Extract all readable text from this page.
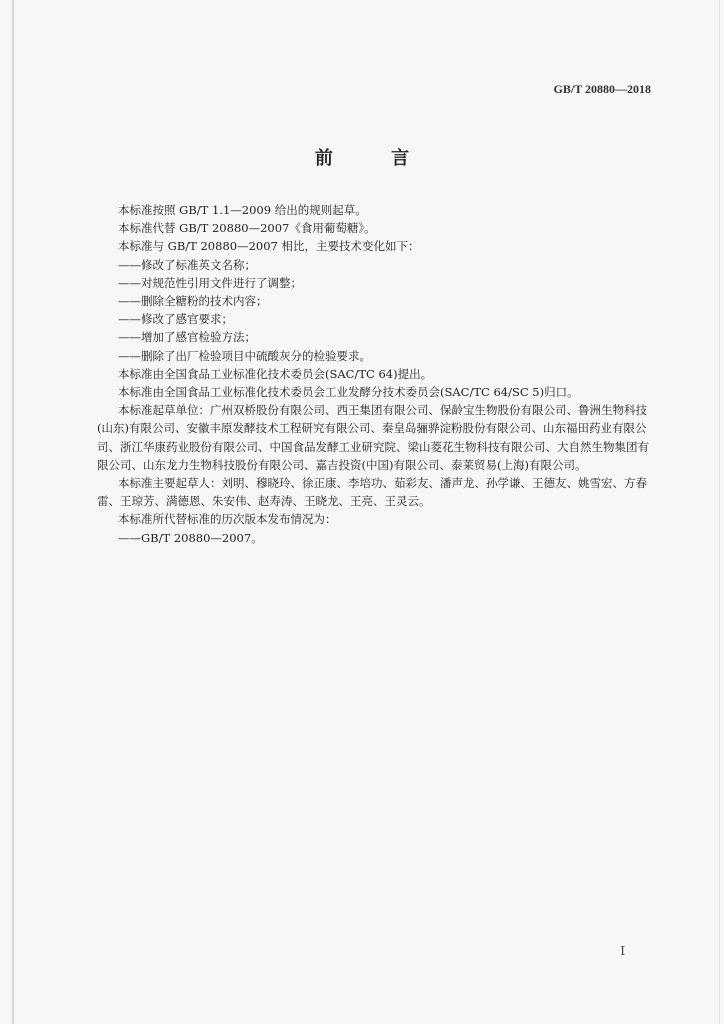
GB/T 20880—2018
前 言

本标准按照 GB/T 1.1—2009 给出的规则起草。

本标准代替 GB/T 20880—2007《食用葡萄糖》。

本标准与 GB/T 20880—2007 相比，主要技术变化如下：

——修改了标准英文名称；

——对规范性引用文件进行了调整；

——删除全糖粉的技术内容；

——修改了感官要求；

——增加了感官检验方法；

——删除了出厂检验项目中硫酸灰分的检验要求。

本标准由全国食品工业标准化技术委员会(SAC/TC 64)提出。

本标准由全国食品工业标准化技术委员会工业发酵分技术委员会(SAC/TC 64/SC 5)归口。

本标准起草单位：广州双桥股份有限公司、西王集团有限公司、保龄宝生物股份有限公司、鲁洲生物科技(山东)有限公司、安徽丰原发酵技术工程研究有限公司、秦皇岛骊骅淀粉股份有限公司、山东福田药业有限公司、浙江华康药业股份有限公司、中国食品发酵工业研究院、梁山菱花生物科技有限公司、大自然生物集团有限公司、山东龙力生物科技股份有限公司、嘉吉投资(中国)有限公司、泰莱贸易(上海)有限公司。

本标准主要起草人：刘明、穆晓玲、徐正康、李培功、茹彩友、潘声龙、孙学谦、王德友、姚雪宏、方春雷、王琼芳、满德恩、朱安伟、赵寿涛、王晓龙、王亮、王灵云。

本标准所代替标准的历次版本发布情况为：

——GB/T 20880—2007。

I
